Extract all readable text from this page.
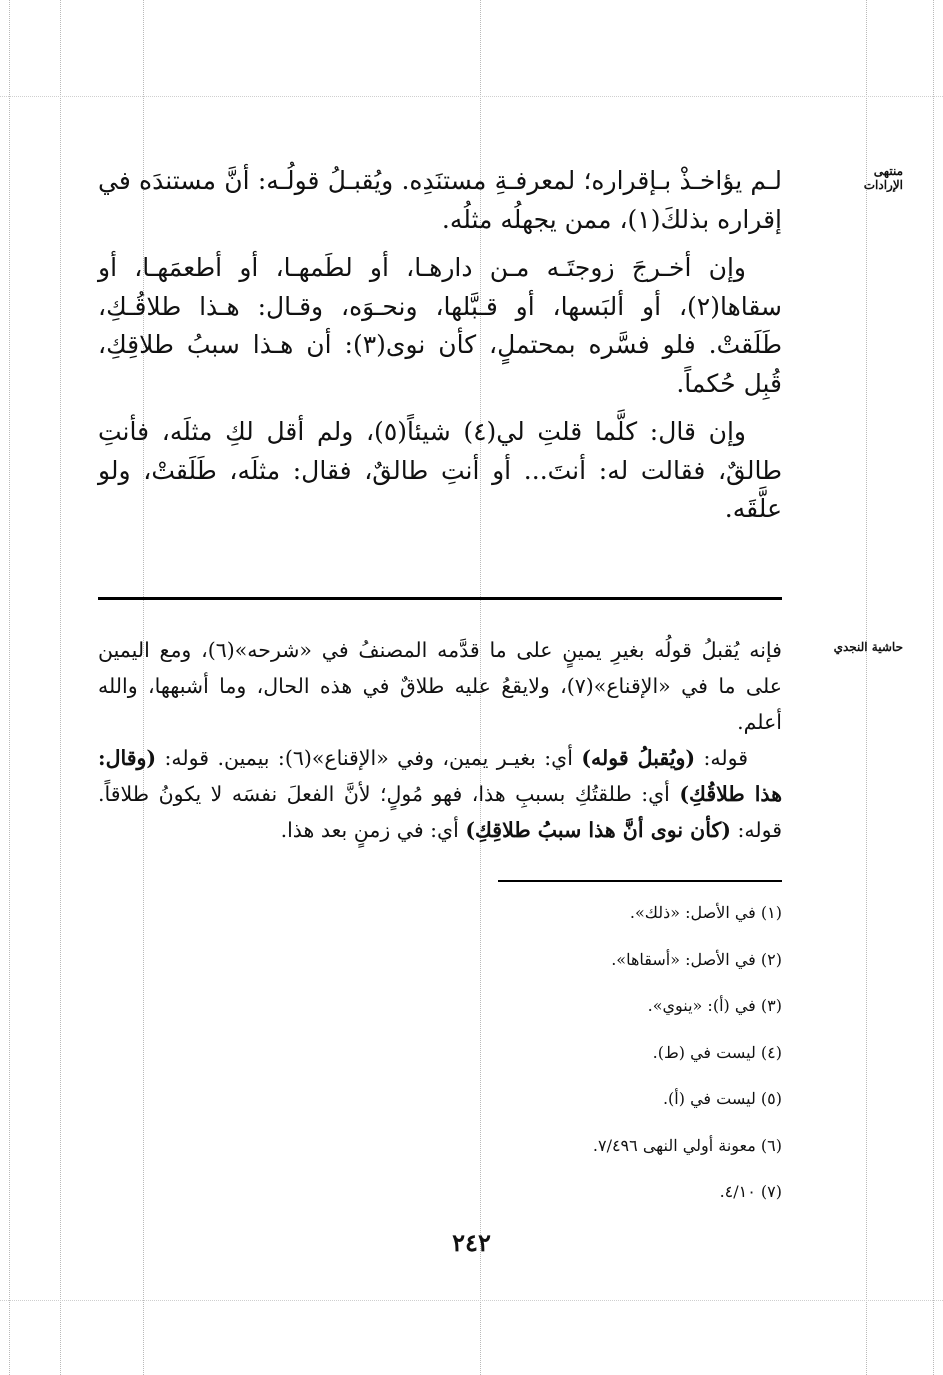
منتهى الإرادات
حاشية النجدي

لـم يؤاخـذْ بـإقراره؛ لمعرفـةِ مستنَدِه. ويُقبـلُ قولُـه: أنَّ مستندَه في إقراره بذلكَ(١)، ممن يجهلُه مثلُه.

وإن أخـرجَ زوجتَـه مـن دارهـا، أو لطَمهـا، أو أطعمَهـا، أو سقاها(٢)، أو ألبَسها، أو قـبَّلها، ونحـوَه، وقـال: هـذا طلاقُـكِ، طَلَقتْ. فلو فسَّره بمحتملٍ، كأن نوى(٣): أن هـذا سببُ طلاقِكِ، قُبِل حُكماً.

وإن قال: كلَّما قلتِ لي(٤) شيئاً(٥)، ولم أقل لكِ مثلَه، فأنتِ طالقٌ، فقالت له: أنتَ... أو أنتِ طالقٌ، فقال: مثلَه، طَلَقتْ، ولو علَّقَه.

فإنه يُقبلُ قولُه بغيرِ يمينٍ على ما قدَّمه المصنفُ في «شرحه»(٦)، ومع اليمين على ما في «الإقناع»(٧)، ولايقعُ عليه طلاقٌ في هذه الحال، وما أشبهها، والله أعلم.

قوله: (ويُقبلُ قوله) أي: بغيـر يمين، وفي «الإقناع»(٦): بيمين. قوله: (وقال: هذا طلاقُكِ) أي: طلقتُكِ بسببِ هذا، فهو مُولٍ؛ لأنَّ الفعلَ نفسَه لا يكونُ طلاقاً. قوله: (كأن نوى أنَّ هذا سببُ طلاقِكِ) أي: في زمنٍ بعد هذا.

(١) في الأصل: «ذلك».
(٢) في الأصل: «أسقاها».
(٣) في (أ): «ينوي».
(٤) ليست في (ط).
(٥) ليست في (أ).
(٦) معونة أولي النهى ٧/٤٩٦.
(٧) ٤/١٠.
٢٤٢
